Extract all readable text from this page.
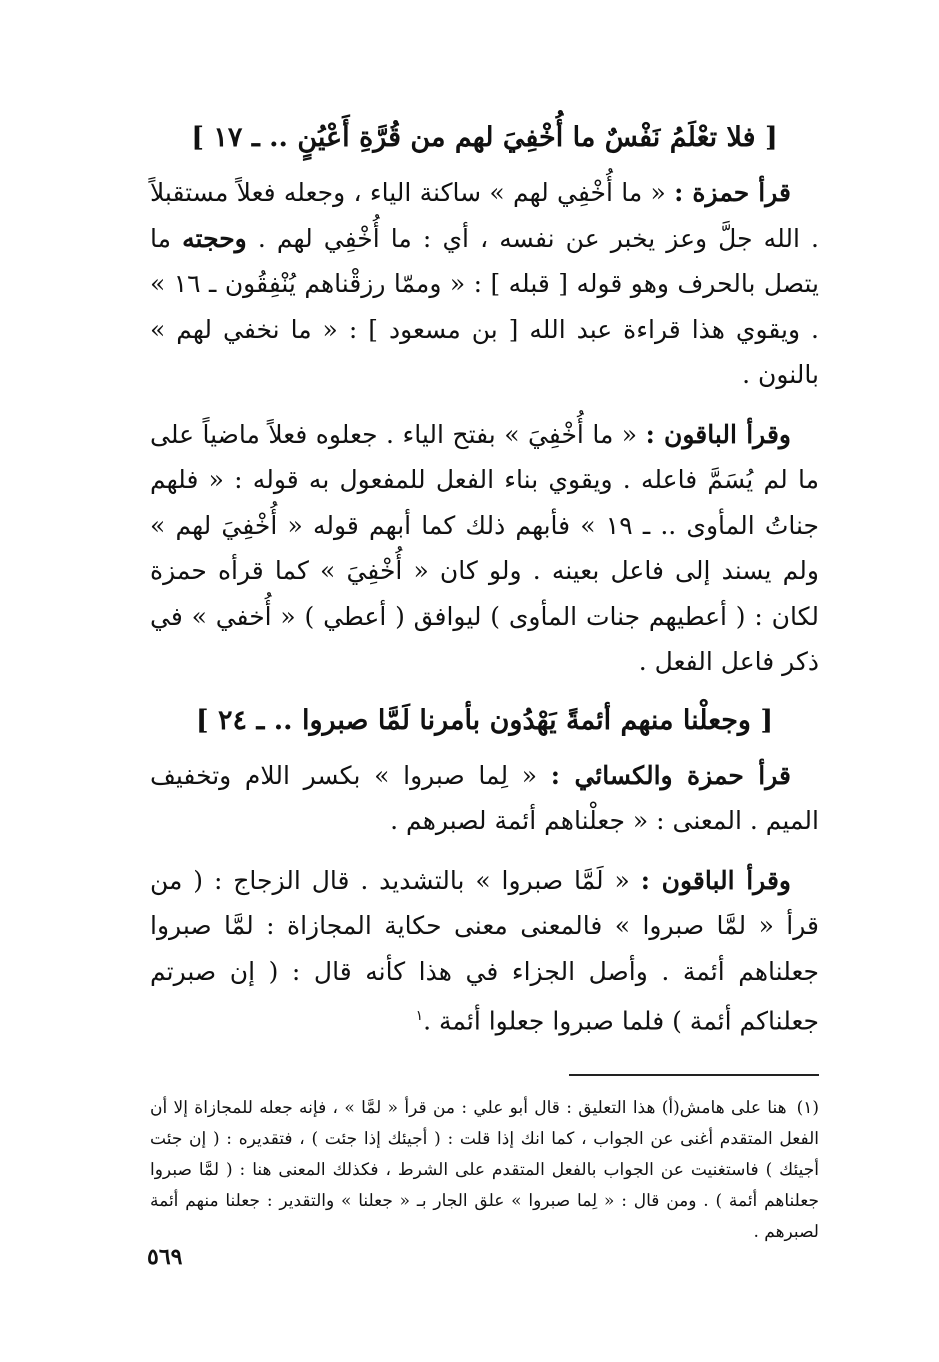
[ فلا تعْلَمُ نَفْسٌ ما أُخْفِيَ لهم من قُرَّةِ أَعْيُنٍ .. ـ ١٧ ]

قرأ حمزة : « ما أُخْفِي لهم » ساكنة الياء ، وجعله فعلاً مستقبلاً . الله جلَّ وعز يخبر عن نفسه ، أي : ما أُخْفِي لهم . وحجته ما يتصل بالحرف وهو قوله [ قبله ] : « وممّا رزقْناهم يُنْفِقُون ـ ١٦ » . ويقوي هذا قراءة عبد الله [ بن مسعود ] : « ما نخفي لهم » بالنون .

وقرأ الباقون : « ما أُخْفِيَ » بفتح الياء . جعلوه فعلاً ماضياً على ما لم يُسَمَّ فاعله . ويقوي بناء الفعل للمفعول به قوله : « فلهم جناتُ المأوى .. ـ ١٩ » فأبهم ذلك كما أبهم قوله « أُخْفِيَ لهم » ولم يسند إلى فاعل بعينه . ولو كان « أُخْفِيَ » كما قرأه حمزة لكان : ( أعطيهم جنات المأوى ) ليوافق ( أعطي ) « أُخفي » في ذكر فاعل الفعل .

[ وجعلْنا منهم أئمةً يَهْدُون بأمرنا لَمَّا صبروا .. ـ ٢٤ ]

قرأ حمزة والكسائي : « لِما صبروا » بكسر اللام وتخفيف الميم . المعنى : « جعلْناهم أئمة لصبرهم .

وقرأ الباقون : « لَمَّا صبروا » بالتشديد . قال الزجاج : ( من قرأ « لمَّا صبروا » فالمعنى معنى حكاية المجازاة : لمَّا صبروا جعلناهم أئمة . وأصل الجزاء في هذا كأنه قال : ( إن صبرتم جعلناكم أئمة ) فلما صبروا جعلوا أئمة .$^١$

(١)هنا على هامش(أ) هذا التعليق : قال أبو علي : من قرأ « لمَّا » ، فإنه جعله للمجازاة إلا أن الفعل المتقدم أغنى عن الجواب ، كما انك إذا قلت : ( أجيئك إذا جئت ) ، فتقديره : ( إن جئت أجيئك ) فاستغنيت عن الجواب بالفعل المتقدم على الشرط ، فكذلك المعنى هنا : ( لمَّا صبروا جعلناهم أئمة ) . ومن قال : « لِما صبروا » علق الجار بـ « جعلنا » والتقدير : جعلنا منهم أئمة لصبرهم .

٥٦٩
